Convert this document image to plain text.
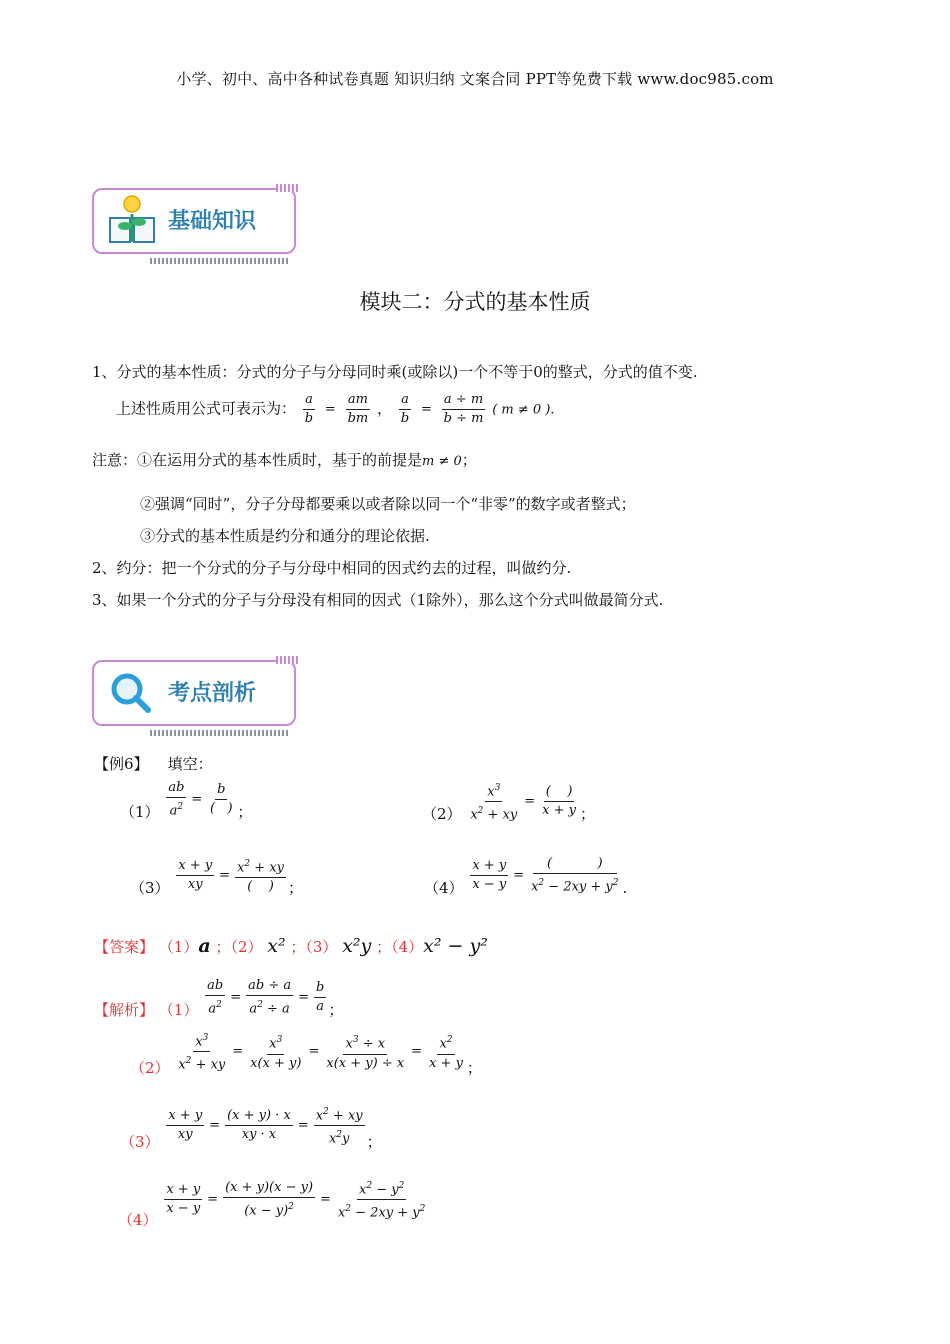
小学、初中、高中各种试卷真题 知识归纳 文案合同 PPT等免费下载 www.doc985.com
基础知识
模块二：分式的基本性质
1、分式的基本性质：分式的分子与分母同时乘(或除以)一个不等于0的整式，分式的值不变.
上述性质用公式可表示为： $\frac{a}{b} = \frac{am}{bm}$ ， $\frac{a}{b} = \frac{a \div m}{b \div m}$ ( m ≠ 0 ).
注意：①在运用分式的基本性质时，基于的前提是m ≠ 0；
②强调“同时”，分子分母都要乘以或者除以同一个“非零”的数字或者整式；
③分式的基本性质是约分和通分的理论依据.
2、约分：把一个分式的分子与分母中相同的因式约去的过程，叫做约分.
3、如果一个分式的分子与分母没有相同的因式（1除外），那么这个分式叫做最简分式.
考点剖析
【例6】 填空：
$(1) \frac{ab}{a^2} = \frac{b}{( )}$ ；	$(2) \frac{x^3}{x^2 + xy} = \frac{( )}{x + y}$ ；
$(3) \frac{x + y}{xy} = \frac{x^2 + xy}{( )}$ ；	$(4) \frac{x + y}{x - y} = \frac{( )}{x^2 - 2xy + y^2}$ .
【答案】 （1）a ；（2） x² ；（3） x²y ；（4）x² − y²
【解析】 $(1) \frac{ab}{a^2} = \frac{ab \div a}{a^2 \div a} = \frac{b}{a}$ ；
$(2) \frac{x^3}{x^2 + xy} = \frac{x^3}{x(x + y)} = \frac{x^3 \div x}{x(x + y) \div x} = \frac{x^2}{x + y}$ ；
$(3) \frac{x + y}{xy} = \frac{(x + y) \cdot x}{xy \cdot x} = \frac{x^2 + xy}{x^2y}$ ；
（4）
$\frac{x + y}{x - y} = \frac{(x + y)(x - y)}{(x - y)^2} = \frac{x^2 - y^2}{x^2 - 2xy + y^2}$
